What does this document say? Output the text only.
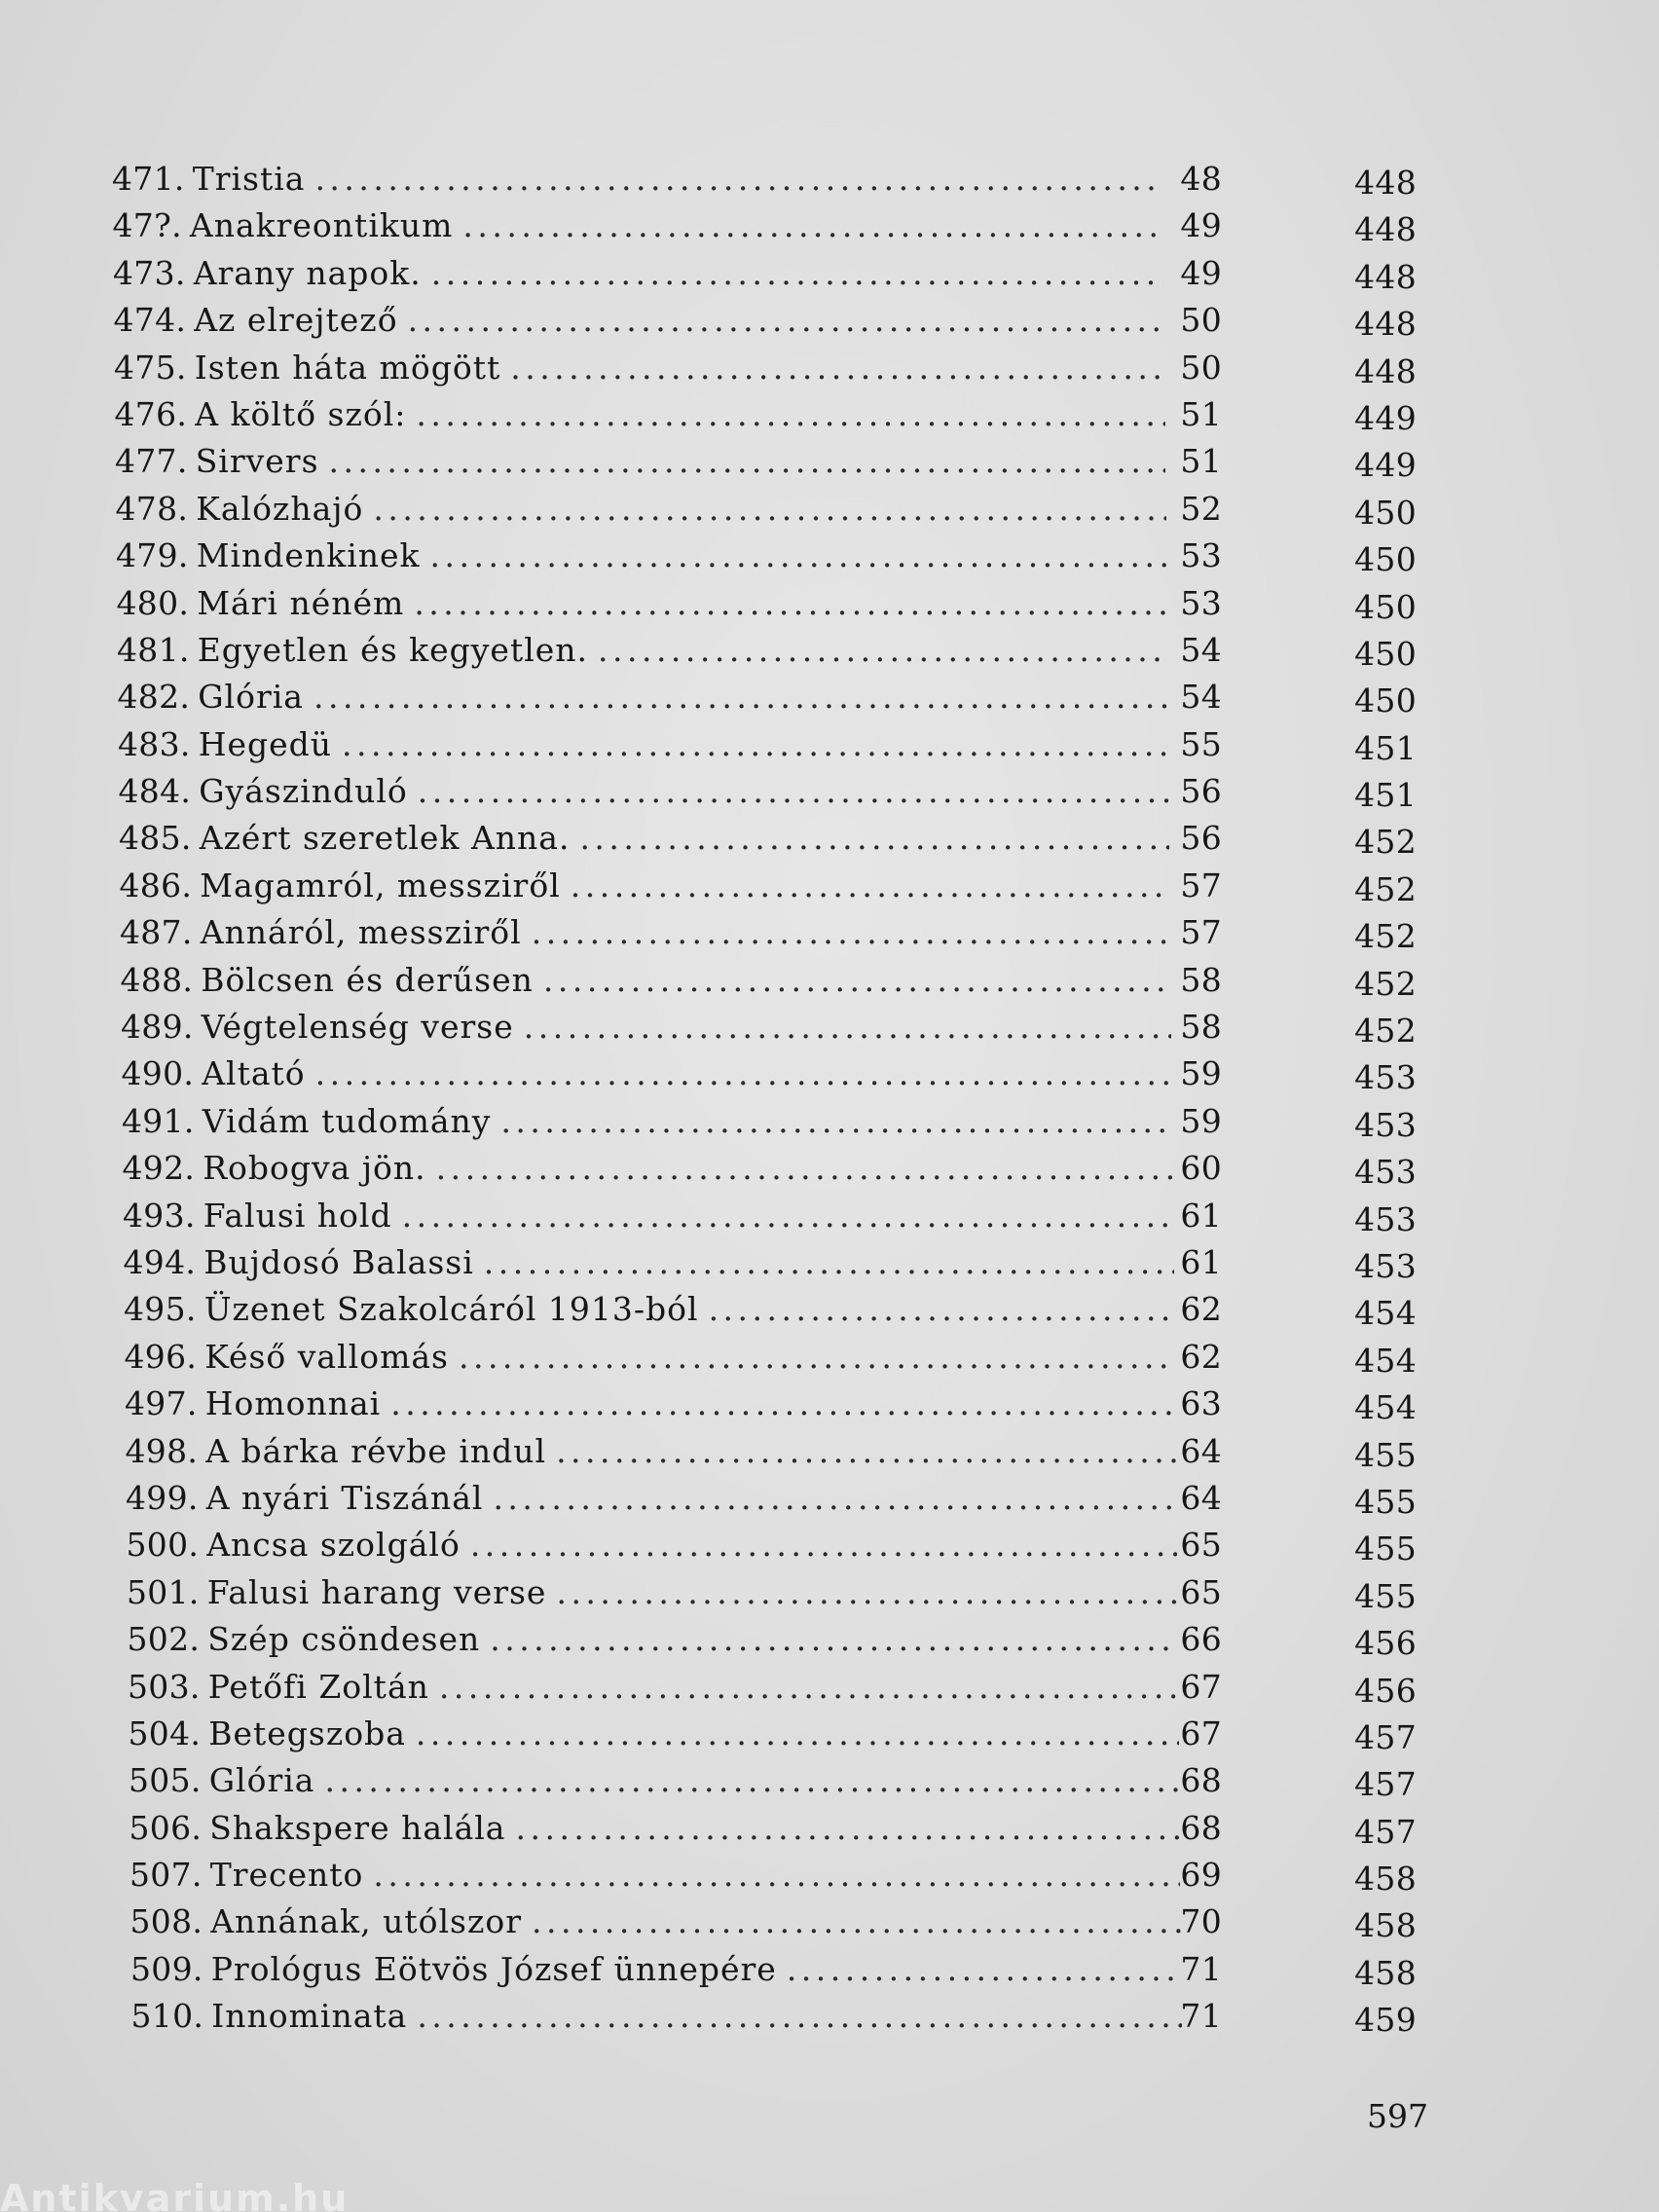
471. Tristia . . .	48	448
47?. Anakreontikum . . .	49	448
473. Arany napok. . . .	49	448
474. Az elrejtező . . .	50	448
475. Isten háta mögött . . .	50	448
476. A költő szól: . . .	51	449
477. Sirvers . . .	51	449
478. Kalózhajó . . .	52	450
479. Mindenkinek . . .	53	450
480. Mári néném . . .	53	450
481. Egyetlen és kegyetlen. . . .	54	450
482. Glória . . .	54	450
483. Hegedü . . .	55	451
484. Gyászinduló . . .	56	451
485. Azért szeretlek Anna. . . .	56	452
486. Magamról, messziről . . .	57	452
487. Annáról, messziről . . .	57	452
488. Bölcsen és derűsen . . .	58	452
489. Végtelenség verse . . .	58	452
490. Altató . . .	59	453
491. Vidám tudomány . . .	59	453
492. Robogva jön. . . .	60	453
493. Falusi hold . . .	61	453
494. Bujdosó Balassi . . .	61	453
495. Üzenet Szakolcáról 1913-ból . . .	62	454
496. Késő vallomás . . .	62	454
497. Homonnai . . .	63	454
498. A bárka révbe indul . . .	64	455
499. A nyári Tiszánál . . .	64	455
500. Ancsa szolgáló . . .	65	455
501. Falusi harang verse . . .	65	455
502. Szép csöndesen . . .	66	456
503. Petőfi Zoltán . . .	67	456
504. Betegszoba . . .	67	457
505. Glória . . .	68	457
506. Shakspere halála . . .	68	457
507. Trecento . . .	69	458
508. Annának, utólszor . . .	70	458
509. Prológus Eötvös József ünnepére . . .	71	458
510. Innominata . . .	71	459
597
Antikvarium.hu
